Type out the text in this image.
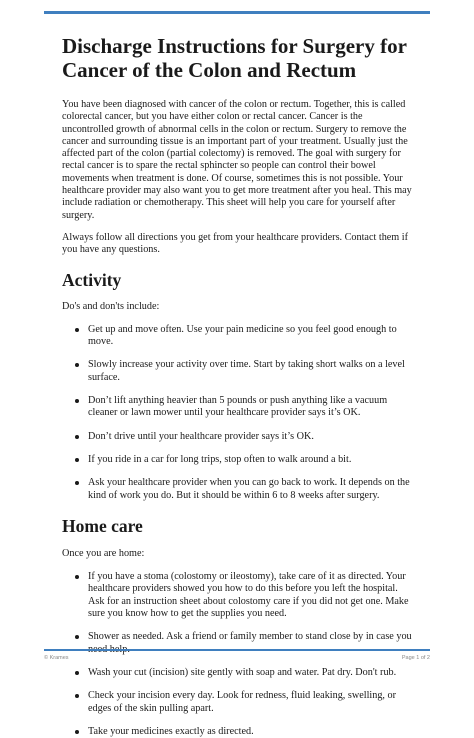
Discharge Instructions for Surgery for Cancer of the Colon and Rectum

You have been diagnosed with cancer of the colon or rectum. Together, this is called colorectal cancer, but you have either colon or rectal cancer. Cancer is the uncontrolled growth of abnormal cells in the colon or rectum. Surgery to remove the cancer and surrounding tissue is an important part of your treatment. Usually just the affected part of the colon (partial colectomy) is removed. The goal with surgery for rectal cancer is to spare the rectal sphincter so people can control their bowel movements when treatment is done. Of course, sometimes this is not possible. Your healthcare provider may also want you to get more treatment after you heal. This may include radiation or chemotherapy. This sheet will help you care for yourself after surgery.

Always follow all directions you get from your healthcare providers. Contact them if you have any questions.

Activity

Do's and don'ts include:

Get up and move often. Use your pain medicine so you feel good enough to move.
Slowly increase your activity over time. Start by taking short walks on a level surface.
Don’t lift anything heavier than 5 pounds or push anything like a vacuum cleaner or lawn mower until your healthcare provider says it’s OK.
Don’t drive until your healthcare provider says it’s OK.
If you ride in a car for long trips, stop often to walk around a bit.
Ask your healthcare provider when you can go back to work. It depends on the kind of work you do. But it should be within 6 to 8 weeks after surgery.
Home care

Once you are home:

If you have a stoma (colostomy or ileostomy), take care of it as directed. Your healthcare providers showed you how to do this before you left the hospital. Ask for an instruction sheet about colostomy care if you did not get one. Make sure you know how to get the supplies you need.
Shower as needed. Ask a friend or family member to stand close by in case you
Wash your cut (incision) site gently with soap and water. Pat dry. Don't rub.
Check your incision every day. Look for redness, fluid leaking, swelling, or edges of the skin pulling apart.
Take your medicines exactly as directed.
© Krames	Page 1 of 2
